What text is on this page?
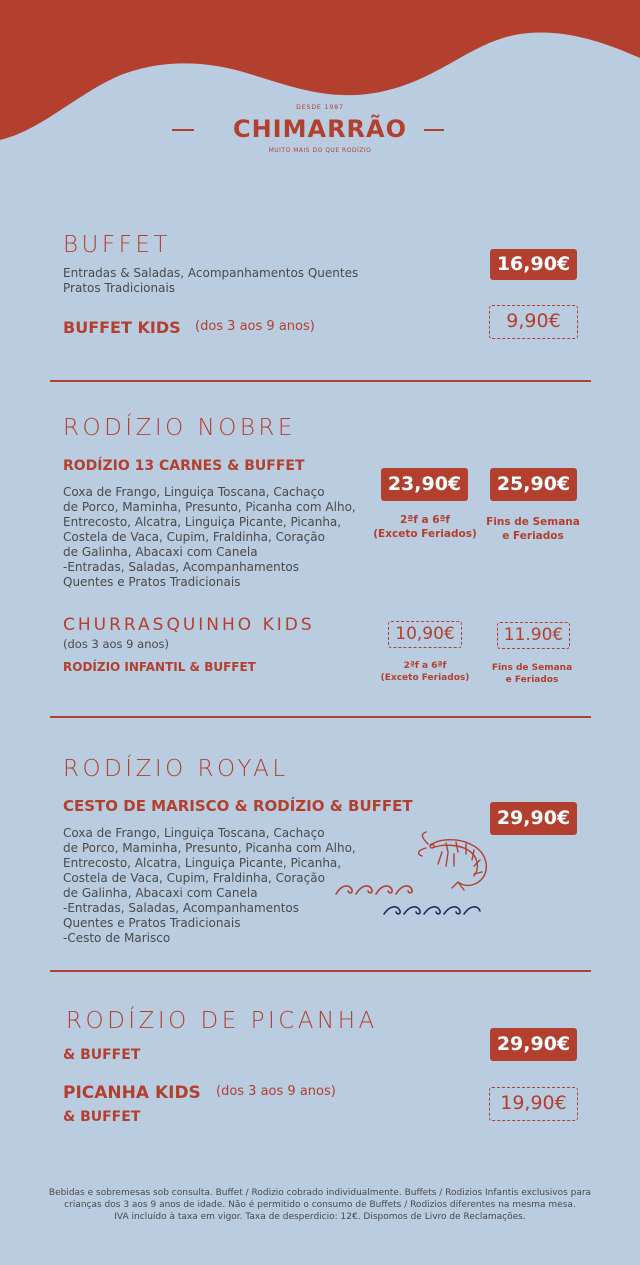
DESDE 1987
CHIMARRÃO
MUITO MAIS DO QUE RODÍZIO
BUFFET
Entradas & Saladas, Acompanhamentos Quentes
Pratos Tradicionais
16,90€
BUFFET KIDS (dos 3 aos 9 anos)	9,90€
RODÍZIO NOBRE
RODÍZIO 13 CARNES & BUFFET
Coxa de Frango, Linguiça Toscana, Cachaço
de Porco, Maminha, Presunto, Picanha com Alho,
Entrecosto, Alcatra, Linguiça Picante, Picanha,
Costela de Vaca, Cupim, Fraldinha, Coração
de Galinha, Abacaxi com Canela
-Entradas, Saladas, Acompanhamentos
Quentes e Pratos Tradicionais
23,90€
2ªf a 6ªf
(Exceto Feriados)
25,90€
Fins de Semana
e Feriados
CHURRASQUINHO KIDS
(dos 3 aos 9 anos)
RODÍZIO INFANTIL & BUFFET
10,90€
2ªf a 6ªf
(Exceto Feriados)
11.90€
Fins de Semana
e Feriados
RODÍZIO ROYAL
CESTO DE MARISCO & RODÍZIO & BUFFET
Coxa de Frango, Linguiça Toscana, Cachaço
de Porco, Maminha, Presunto, Picanha com Alho,
Entrecosto, Alcatra, Linguiça Picante, Picanha,
Costela de Vaca, Cupim, Fraldinha, Coração
de Galinha, Abacaxi com Canela
-Entradas, Saladas, Acompanhamentos
Quentes e Pratos Tradicionais
-Cesto de Marisco
29,90€
RODÍZIO DE PICANHA
& BUFFET	29,90€
PICANHA KIDS (dos 3 aos 9 anos)
& BUFFET
19,90€
Bebidas e sobremesas sob consulta. Buffet / Rodizio cobrado individualmente. Buffets / Rodizios Infantis exclusivos para
crianças dos 3 aos 9 anos de idade. Não é permitido o consumo de Buffets / Rodizios diferentes na mesma mesa.
IVA incluído à taxa em vigor. Taxa de desperdicio: 12€. Dispomos de Livro de Reclamações.
